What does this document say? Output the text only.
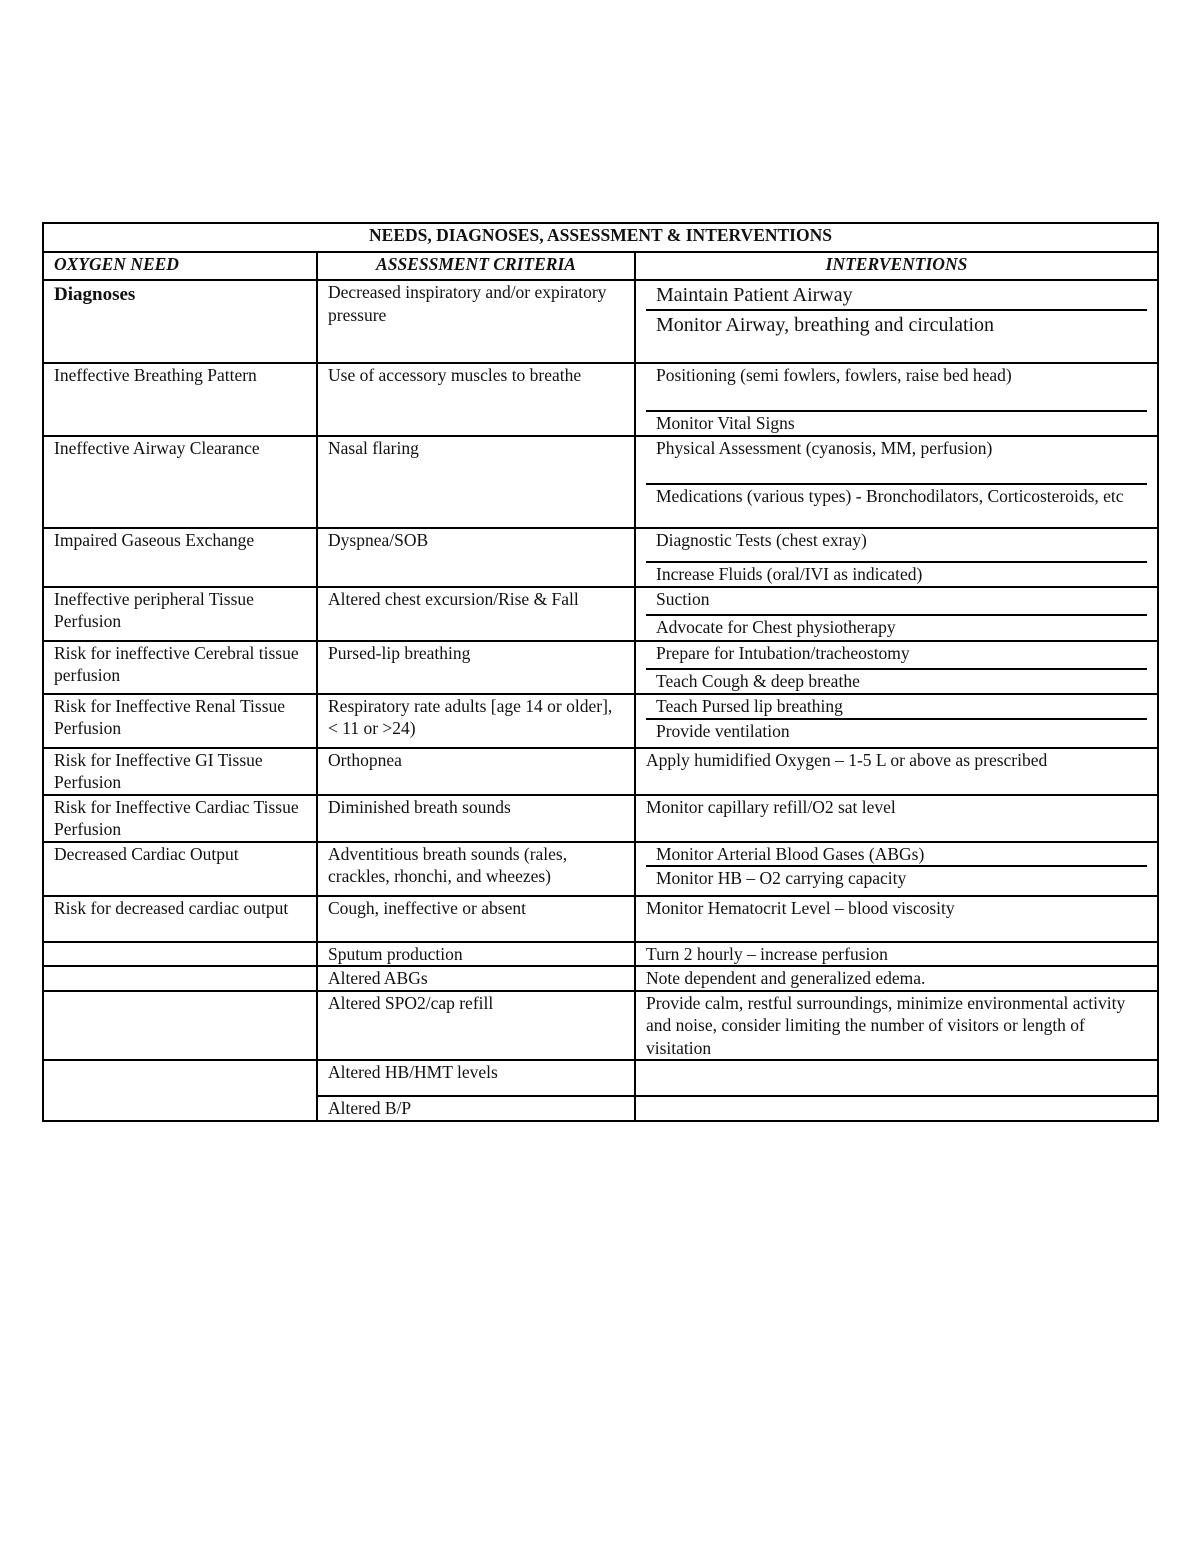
NEEDS, DIAGNOSES, ASSESSMENT & INTERVENTIONS		
OXYGEN NEED	ASSESSMENT CRITERIA	INTERVENTIONS

Diagnoses	Decreased inspiratory and/or expiratory pressure	Maintain Patient Airway
Monitor Airway, breathing and circulation

Ineffective Breathing Pattern	Use of accessory muscles to breathe	Positioning (semi fowlers, fowlers, raise bed head)
Monitor Vital Signs

Ineffective Airway Clearance	Nasal flaring	Physical Assessment (cyanosis, MM, perfusion)
Medications (various types) - Bronchodilators, Corticosteroids, etc

Impaired Gaseous Exchange	Dyspnea/SOB	Diagnostic Tests (chest exray)
Increase Fluids (oral/IVI as indicated)

Ineffective peripheral Tissue Perfusion	Altered chest excursion/Rise & Fall	Suction
Advocate for Chest physiotherapy

Risk for ineffective Cerebral tissue perfusion	Pursed-lip breathing	Prepare for Intubation/tracheostomy
Teach Cough & deep breathe

Risk for Ineffective Renal Tissue Perfusion	Respiratory rate adults [age 14 or older], < 11 or >24)	Teach Pursed lip breathing
Provide ventilation

Risk for Ineffective GI Tissue Perfusion	Orthopnea	Apply humidified Oxygen – 1-5 L or above as prescribed
Risk for Ineffective Cardiac Tissue Perfusion	Diminished breath sounds	Monitor capillary refill/O2 sat level
Decreased Cardiac Output	Adventitious breath sounds (rales, crackles, rhonchi, and wheezes)	Monitor Arterial Blood Gases (ABGs)
Monitor HB – O2 carrying capacity

Risk for decreased cardiac output	Cough, ineffective or absent	Monitor Hematocrit Level – blood viscosity
	Sputum production	Turn 2 hourly – increase perfusion
	Altered ABGs	Note dependent and generalized edema.
	Altered SPO2/cap refill	Provide calm, restful surroundings, minimize environmental activity and noise, consider limiting the number of visitors or length of visitation
	Altered HB/HMT levels	
	Altered B/P	
